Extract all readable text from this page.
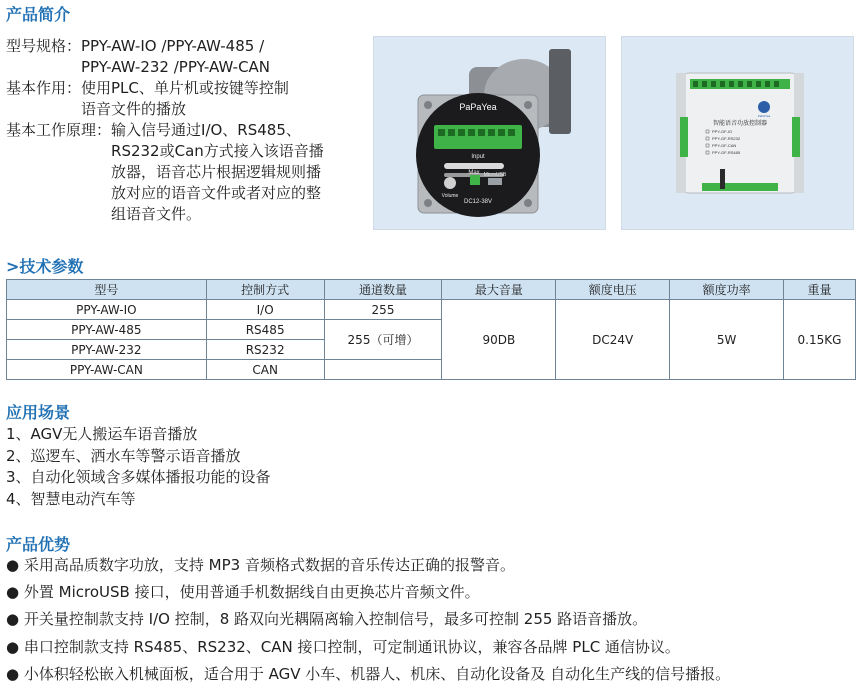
产品简介
型号规格： PPY-AW-IO /PPY-AW-485 /
PPY-AW-232 /PPY-AW-CAN
基本作用： 使用PLC、单片机或按键等控制
语音文件的播放
基本工作原理： 输入信号通过I/O、RS485、
RS232或Can方式接入该语音播
放器，语音芯片根据逻辑规则播
放对应的语音文件或者对应的整
组语音文件。
PaPaYea
Input
Max
Volume
MicroUSB
DC12-38V
PaPaYea
智能语音功放控制器
PPY-GF-IO
PPY-GF-RS232
PPY-GF-CAN
PPY-GF-RS485
>技术参数
型号	控制方式	通道数量	最大音量	额度电压	额度功率	重量
PPY-AW-IO	I/O	255	90DB	DC24V	5W	0.15KG
PPY-AW-485	RS485	255（可增）				
PPY-AW-232	RS232					
PPY-AW-CAN	CAN					
应用场景
1、AGV无人搬运车语音播放
2、巡逻车、洒水车等警示语音播放
3、自动化领域含多媒体播报功能的设备
4、智慧电动汽车等
产品优势
● 采用高品质数字功放，支持 MP3 音频格式数据的音乐传达正确的报警音。
● 外置 MicroUSB 接口，使用普通手机数据线自由更换芯片音频文件。
● 开关量控制款支持 I/O 控制，8 路双向光耦隔离输入控制信号，最多可控制 255 路语音播放。
● 串口控制款支持 RS485、RS232、CAN 接口控制，可定制通讯协议，兼容各品牌 PLC 通信协议。
● 小体积轻松嵌入机械面板，适合用于 AGV 小车、机器人、机床、自动化设备及 自动化生产线的信号播报。
